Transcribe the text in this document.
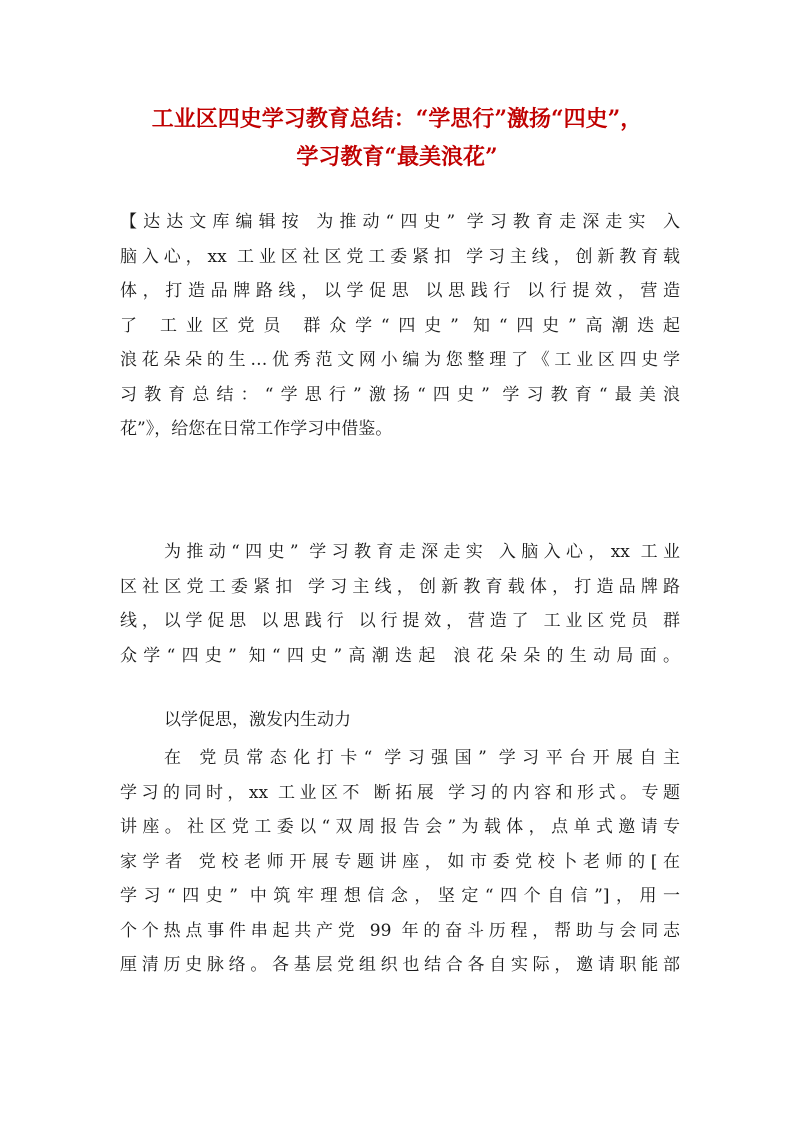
工业区四史学习教育总结：“学思行”激扬“四史”，
学习教育“最美浪花”
【达达文库编辑按 为推动“四史” 学习教育走深走实 入
脑入心，xx 工业区社区党工委紧扣 学习主线，创新教育载
体，打造品牌路线，以学促思 以思践行 以行提效，营造
了 工业区党员 群众学“四史” 知“四史”高潮迭起
浪花朵朵的生…优秀范文网小编为您整理了《工业区四史学
习教育总结：“学思行”激扬“四史” 学习教育“最美浪
花”》，给您在日常工作学习中借鉴。
为推动“四史” 学习教育走深走实 入脑入心，xx 工业
区社区党工委紧扣 学习主线，创新教育载体，打造品牌路
线，以学促思 以思践行 以行提效，营造了 工业区党员 群
众学“四史” 知“四史”高潮迭起 浪花朵朵的生动局面。
以学促思，激发内生动力
在 党员常态化打卡“ 学习强国” 学习平台开展自主
学习的同时，xx 工业区不 断拓展 学习的内容和形式。专题
讲座。社区党工委以“双周报告会”为载体，点单式邀请专
家学者 党校老师开展专题讲座，如市委党校卜老师的[在
学习“四史” 中筑牢理想信念，坚定“四个自信”]，用一
个个热点事件串起共产党 99 年的奋斗历程，帮助与会同志
厘清历史脉络。各基层党组织也结合各自实际，邀请职能部
